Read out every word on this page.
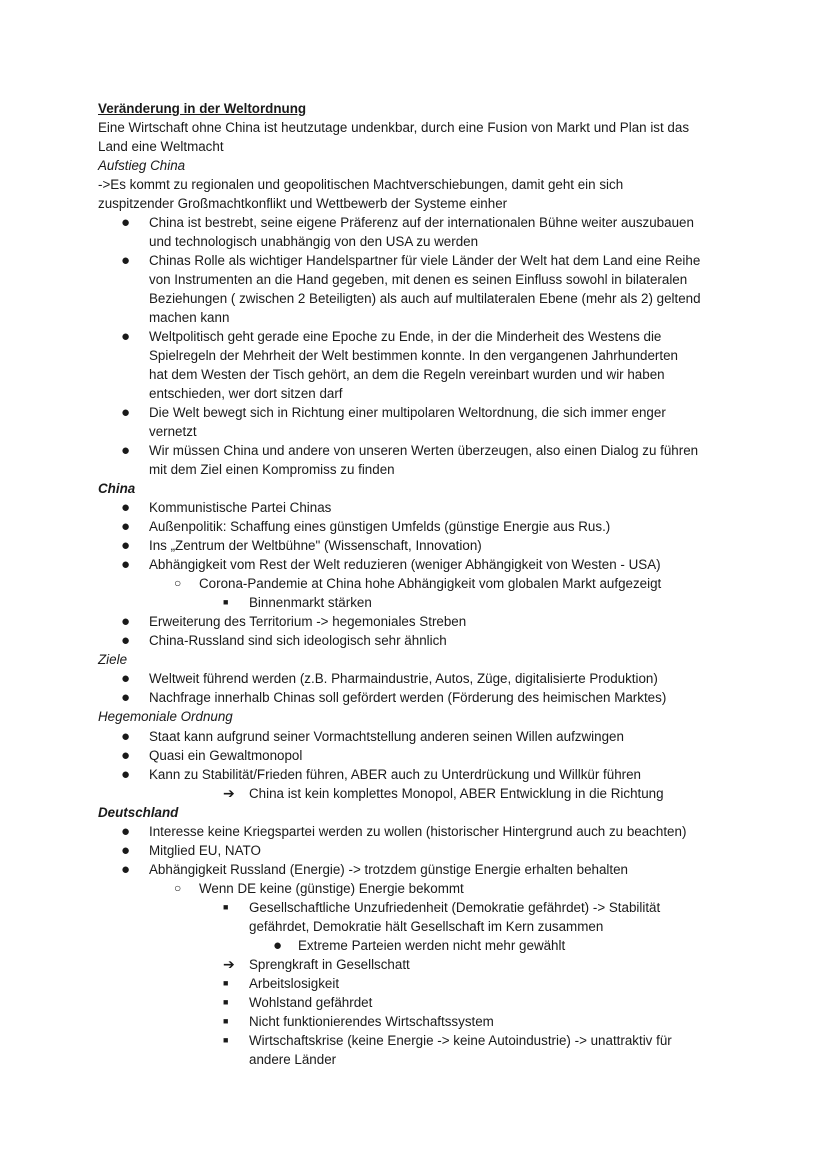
Veränderung in der Weltordnung
Eine Wirtschaft ohne China ist heutzutage undenkbar, durch eine Fusion von Markt und Plan ist das
Land eine Weltmacht
Aufstieg China
->Es kommt zu regionalen und geopolitischen Machtverschiebungen, damit geht ein sich
zuspitzender Großmachtkonflikt und Wettbewerb der Systeme einher
● China ist bestrebt, seine eigene Präferenz auf der internationalen Bühne weiter auszubauen
und technologisch unabhängig von den USA zu werden
● Chinas Rolle als wichtiger Handelspartner für viele Länder der Welt hat dem Land eine Reihe
von Instrumenten an die Hand gegeben, mit denen es seinen Einfluss sowohl in bilateralen
Beziehungen ( zwischen 2 Beteiligten) als auch auf multilateralen Ebene (mehr als 2) geltend
machen kann
● Weltpolitisch geht gerade eine Epoche zu Ende, in der die Minderheit des Westens die
Spielregeln der Mehrheit der Welt bestimmen konnte. In den vergangenen Jahrhunderten
hat dem Westen der Tisch gehört, an dem die Regeln vereinbart wurden und wir haben
entschieden, wer dort sitzen darf
● Die Welt bewegt sich in Richtung einer multipolaren Weltordnung, die sich immer enger
vernetzt
● Wir müssen China und andere von unseren Werten überzeugen, also einen Dialog zu führen
mit dem Ziel einen Kompromiss zu finden
China
● Kommunistische Partei Chinas
● Außenpolitik: Schaffung eines günstigen Umfelds (günstige Energie aus Rus.)
● Ins „Zentrum der Weltbühne" (Wissenschaft, Innovation)
● Abhängigkeit vom Rest der Welt reduzieren (weniger Abhängigkeit von Westen - USA)
○ Corona-Pandemie at China hohe Abhängigkeit vom globalen Markt aufgezeigt
■ Binnenmarkt stärken
● Erweiterung des Territorium -> hegemoniales Streben
● China-Russland sind sich ideologisch sehr ähnlich
Ziele
● Weltweit führend werden (z.B. Pharmaindustrie, Autos, Züge, digitalisierte Produktion)
● Nachfrage innerhalb Chinas soll gefördert werden (Förderung des heimischen Marktes)
Hegemoniale Ordnung
● Staat kann aufgrund seiner Vormachtstellung anderen seinen Willen aufzwingen
● Quasi ein Gewaltmonopol
● Kann zu Stabilität/Frieden führen, ABER auch zu Unterdrückung und Willkür führen
➔ China ist kein komplettes Monopol, ABER Entwicklung in die Richtung
Deutschland
● Interesse keine Kriegspartei werden zu wollen (historischer Hintergrund auch zu beachten)
● Mitglied EU, NATO
● Abhängigkeit Russland (Energie) -> trotzdem günstige Energie erhalten behalten
○ Wenn DE keine (günstige) Energie bekommt
■ Gesellschaftliche Unzufriedenheit (Demokratie gefährdet) -> Stabilität
gefährdet, Demokratie hält Gesellschaft im Kern zusammen
● Extreme Parteien werden nicht mehr gewählt
➔ Sprengkraft in Gesellschatt
■ Arbeitslosigkeit
■ Wohlstand gefährdet
■ Nicht funktionierendes Wirtschaftssystem
■ Wirtschaftskrise (keine Energie -> keine Autoindustrie) -> unattraktiv für
andere Länder
